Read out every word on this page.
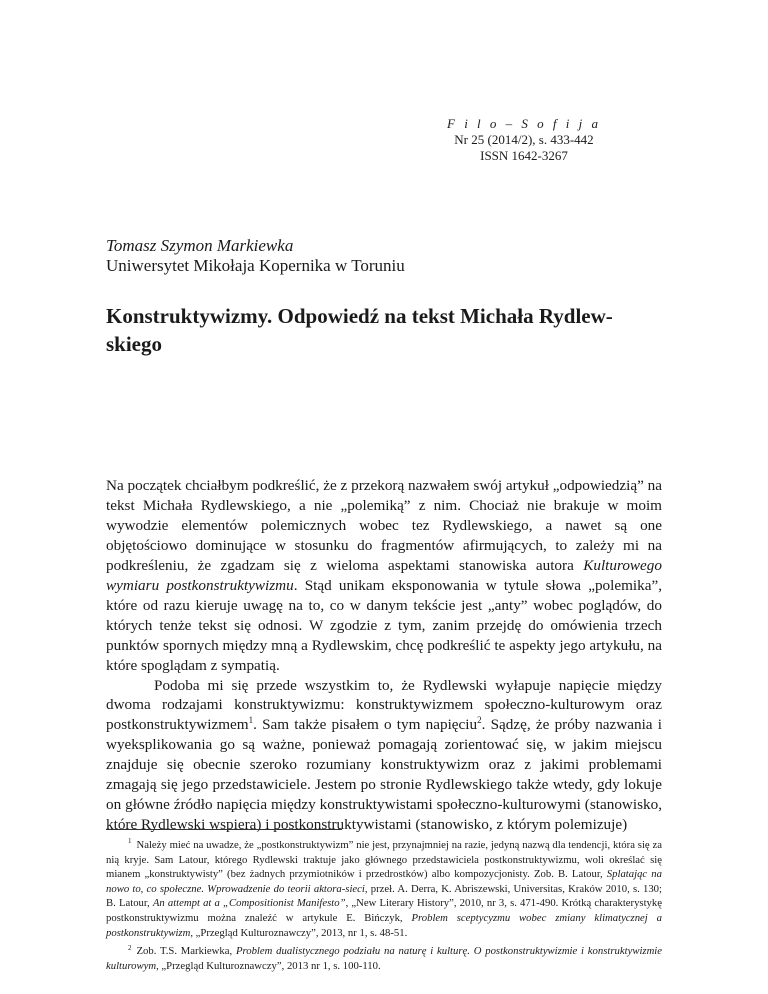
F i l o – S o f i j a
Nr 25 (2014/2), s. 433-442
ISSN 1642-3267
Tomasz Szymon Markiewka
Uniwersytet Mikołaja Kopernika w Toruniu
Konstruktywizmy. Odpowiedź na tekst Michała Rydlew-
skiego

Na początek chciałbym podkreślić, że z przekorą nazwałem swój artykuł „odpowiedzią” na tekst Michała Rydlewskiego, a nie „polemiką” z nim. Chociaż nie brakuje w moim wywodzie elementów polemicznych wobec tez Rydlewskiego, a nawet są one objętościowo dominujące w stosunku do fragmentów afirmujących, to zależy mi na podkreśleniu, że zgadzam się z wieloma aspektami stanowiska autora Kulturowego wymiaru postkonstruktywizmu. Stąd unikam eksponowania w tytule słowa „polemika”, które od razu kieruje uwagę na to, co w danym tekście jest „anty” wobec poglądów, do których tenże tekst się odnosi. W zgodzie z tym, zanim przejdę do omówienia trzech punktów spornych między mną a Rydlewskim, chcę podkreślić te aspekty jego artykułu, na które spoglądam z sympatią.

Podoba mi się przede wszystkim to, że Rydlewski wyłapuje napięcie między dwoma rodzajami konstruktywizmu: konstruktywizmem społeczno-kulturowym oraz postkonstruktywizmem$^1$. Sam także pisałem o tym napięciu$^2$. Sądzę, że próby nazwania i wyeksplikowania go są ważne, ponieważ pomagają zorientować się, w jakim miejscu znajduje się obecnie szeroko rozumiany konstruktywizm oraz z jakimi problemami zmagają się jego przedstawiciele. Jestem po stronie Rydlewskiego także wtedy, gdy lokuje on główne źródło napięcia między konstruktywistami społeczno-kulturowymi (stanowisko, które Rydlewski wspiera) i postkonstruktywistami (stanowisko, z którym polemizuje)

$^1$ Należy mieć na uwadze, że „postkonstruktywizm” nie jest, przynajmniej na razie, jedyną nazwą dla tendencji, która się za nią kryje. Sam Latour, którego Rydlewski traktuje jako głównego przedstawiciela postkonstruktywizmu, woli określać się mianem „konstruktywisty” (bez żadnych przymiotników i przedrostków) albo kompozycjonisty. Zob. B. Latour, Splatając na nowo to, co społeczne. Wprowadzenie do teorii aktora-sieci, przeł. A. Derra, K. Abriszewski, Universitas, Kraków 2010, s. 130; B. Latour, An attempt at a „Compositionist Manifesto”, „New Literary History”, 2010, nr 3, s. 471-490. Krótką charakterystykę postkonstruktywizmu można znaleźć w artykule E. Bińczyk, Problem sceptycyzmu wobec zmiany klimatycznej a postkonstruktywizm, „Przegląd Kulturoznawczy”, 2013, nr 1, s. 48-51.

$^2$ Zob. T.S. Markiewka, Problem dualistycznego podziału na naturę i kulturę. O postkonstruktywizmie i konstruktywizmie kulturowym, „Przegląd Kulturoznawczy”, 2013 nr 1, s. 100-110.
